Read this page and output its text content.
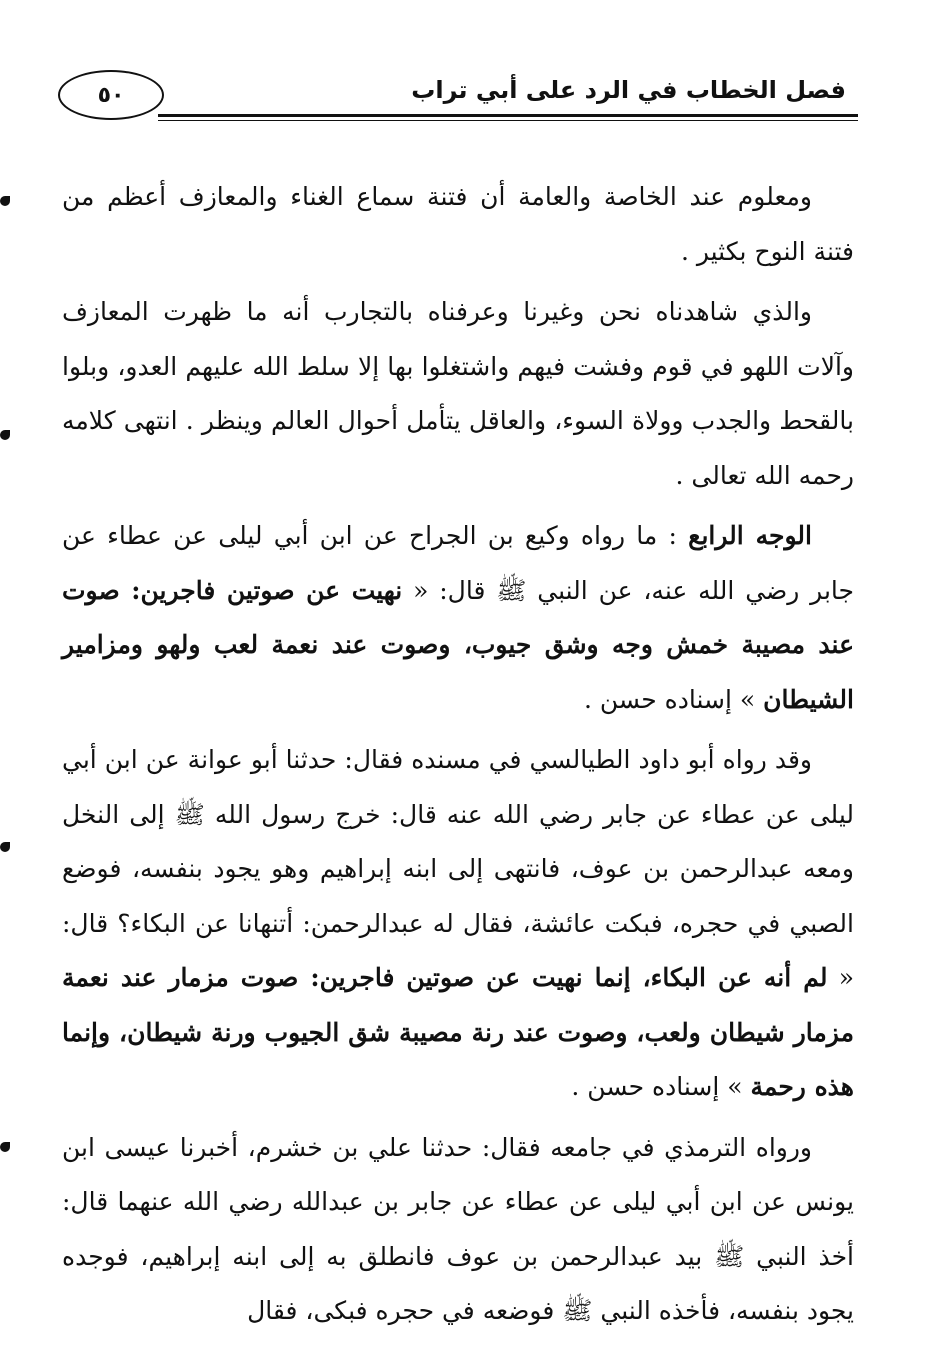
٥٠	فصل الخطاب في الرد على أبي تراب

ومعلوم عند الخاصة والعامة أن فتنة سماع الغناء والمعازف أعظم من فتنة النوح بكثير .

والذي شاهدناه نحن وغيرنا وعرفناه بالتجارب أنه ما ظهرت المعازف وآلات اللهو في قوم وفشت فيهم واشتغلوا بها إلا سلط الله عليهم العدو، وبلوا بالقحط والجدب وولاة السوء، والعاقل يتأمل أحوال العالم وينظر . انتهى كلامه رحمه الله تعالى .

الوجه الرابع : ما رواه وكيع بن الجراح عن ابن أبي ليلى عن عطاء عن جابر رضي الله عنه، عن النبي ﷺ قال: « نهيت عن صوتين فاجرين: صوت عند مصيبة خمش وجه وشق جيوب، وصوت عند نعمة لعب ولهو ومزامير الشيطان » إسناده حسن .

وقد رواه أبو داود الطيالسي في مسنده فقال: حدثنا أبو عوانة عن ابن أبي ليلى عن عطاء عن جابر رضي الله عنه قال: خرج رسول الله ﷺ إلى النخل ومعه عبدالرحمن بن عوف، فانتهى إلى ابنه إبراهيم وهو يجود بنفسه، فوضع الصبي في حجره، فبكت عائشة، فقال له عبدالرحمن: أتنهانا عن البكاء؟ قال: « لم أنه عن البكاء، إنما نهيت عن صوتين فاجرين: صوت مزمار عند نعمة مزمار شيطان ولعب، وصوت عند رنة مصيبة شق الجيوب ورنة شيطان، وإنما هذه رحمة » إسناده حسن .

ورواه الترمذي في جامعه فقال: حدثنا علي بن خشرم، أخبرنا عيسى ابن يونس عن ابن أبي ليلى عن عطاء عن جابر بن عبدالله رضي الله عنهما قال: أخذ النبي ﷺ بيد عبدالرحمن بن عوف فانطلق به إلى ابنه إبراهيم، فوجده يجود بنفسه، فأخذه النبي ﷺ فوضعه في حجره فبكى، فقال
